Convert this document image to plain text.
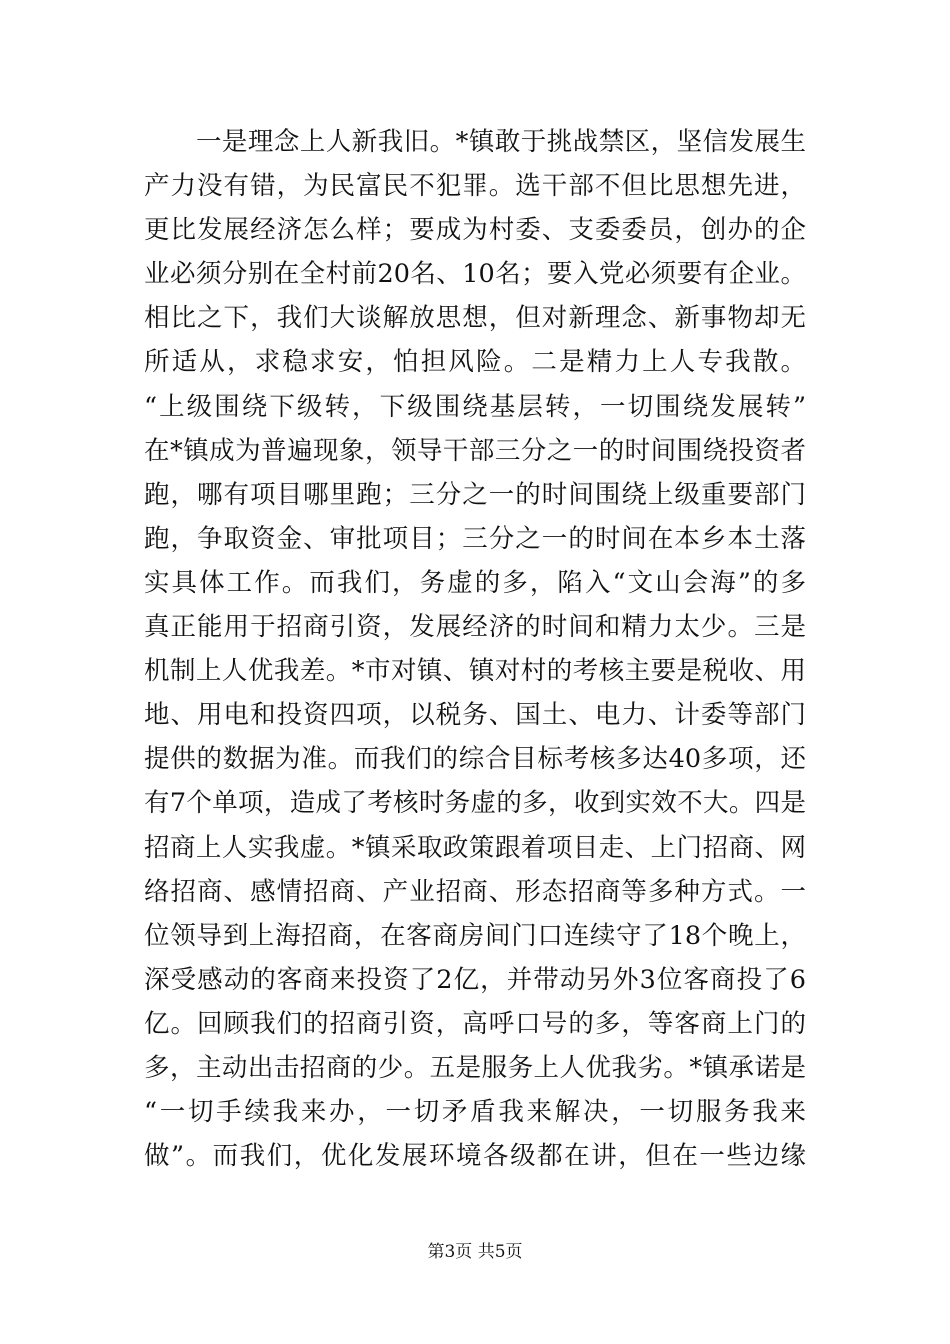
　　一是理念上人新我旧。*镇敢于挑战禁区，坚信发展生
产力没有错，为民富民不犯罪。选干部不但比思想先进，
更比发展经济怎么样；要成为村委、支委委员，创办的企
业必须分别在全村前20名、10名；要入党必须要有企业。
相比之下，我们大谈解放思想，但对新理念、新事物却无
所适从，求稳求安，怕担风险。二是精力上人专我散。
“上级围绕下级转，下级围绕基层转，一切围绕发展转”
在*镇成为普遍现象，领导干部三分之一的时间围绕投资者
跑，哪有项目哪里跑；三分之一的时间围绕上级重要部门
跑，争取资金、审批项目；三分之一的时间在本乡本土落
实具体工作。而我们，务虚的多，陷入“文山会海”的多
真正能用于招商引资，发展经济的时间和精力太少。三是
机制上人优我差。*市对镇、镇对村的考核主要是税收、用
地、用电和投资四项，以税务、国土、电力、计委等部门
提供的数据为准。而我们的综合目标考核多达40多项，还
有7个单项，造成了考核时务虚的多，收到实效不大。四是
招商上人实我虚。*镇采取政策跟着项目走、上门招商、网
络招商、感情招商、产业招商、形态招商等多种方式。一
位领导到上海招商，在客商房间门口连续守了18个晚上，
深受感动的客商来投资了2亿，并带动另外3位客商投了6
亿。回顾我们的招商引资，高呼口号的多，等客商上门的
多，主动出击招商的少。五是服务上人优我劣。*镇承诺是
“一切手续我来办，一切矛盾我来解决，一切服务我来
做”。而我们，优化发展环境各级都在讲，但在一些边缘
第3页 共5页
